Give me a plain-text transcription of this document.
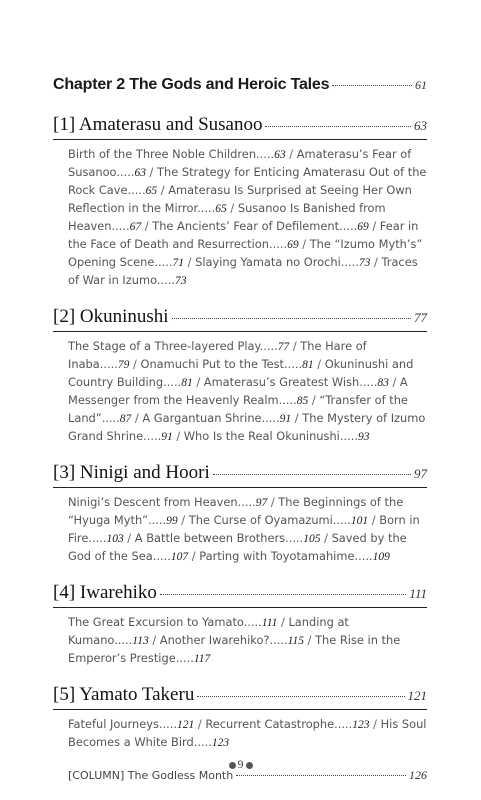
Chapter 2 The Gods and Heroic Tales	61
[1] Amaterasu and Susanoo	63
Birth of the Three Noble Children.....63 / Amaterasu’s Fear of Susanoo.....63 / The Strategy for Enticing Amaterasu Out of the Rock Cave.....65 / Amaterasu Is Surprised at Seeing Her Own Reflection in the Mirror.....65 / Susanoo Is Banished from Heaven.....67 / The Ancients’ Fear of Defilement.....69 / Fear in the Face of Death and Resurrection.....69 / The “Izumo Myth’s” Opening Scene.....71 / Slaying Yamata no Orochi.....73 / Traces of War in Izumo.....73
[2] Okuninushi	77
The Stage of a Three-layered Play.....77 / The Hare of Inaba.....79 / Onamuchi Put to the Test.....81 / Okuninushi and Country Building.....81 / Amaterasu’s Greatest Wish.....83 / A Messenger from the Heavenly Realm.....85 / “Transfer of the Land”.....87 / A Gargantuan Shrine.....91 / The Mystery of Izumo Grand Shrine.....91 / Who Is the Real Okuninushi.....93
[3] Ninigi and Hoori	97
Ninigi’s Descent from Heaven.....97 / The Beginnings of the “Hyuga Myth”.....99 / The Curse of Oyamazumi.....101 / Born in Fire.....103 / A Battle between Brothers.....105 / Saved by the God of the Sea.....107 / Parting with Toyotamahime.....109
[4] Iwarehiko	111
The Great Excursion to Yamato.....111 / Landing at Kumano.....113 / Another Iwarehiko?.....115 / The Rise in the Emperor’s Prestige.....117
[5] Yamato Takeru	121
Fateful Journeys.....121 / Recurrent Catastrophe.....123 / His Soul Becomes a White Bird.....123
[COLUMN] The Godless Month	126
9
